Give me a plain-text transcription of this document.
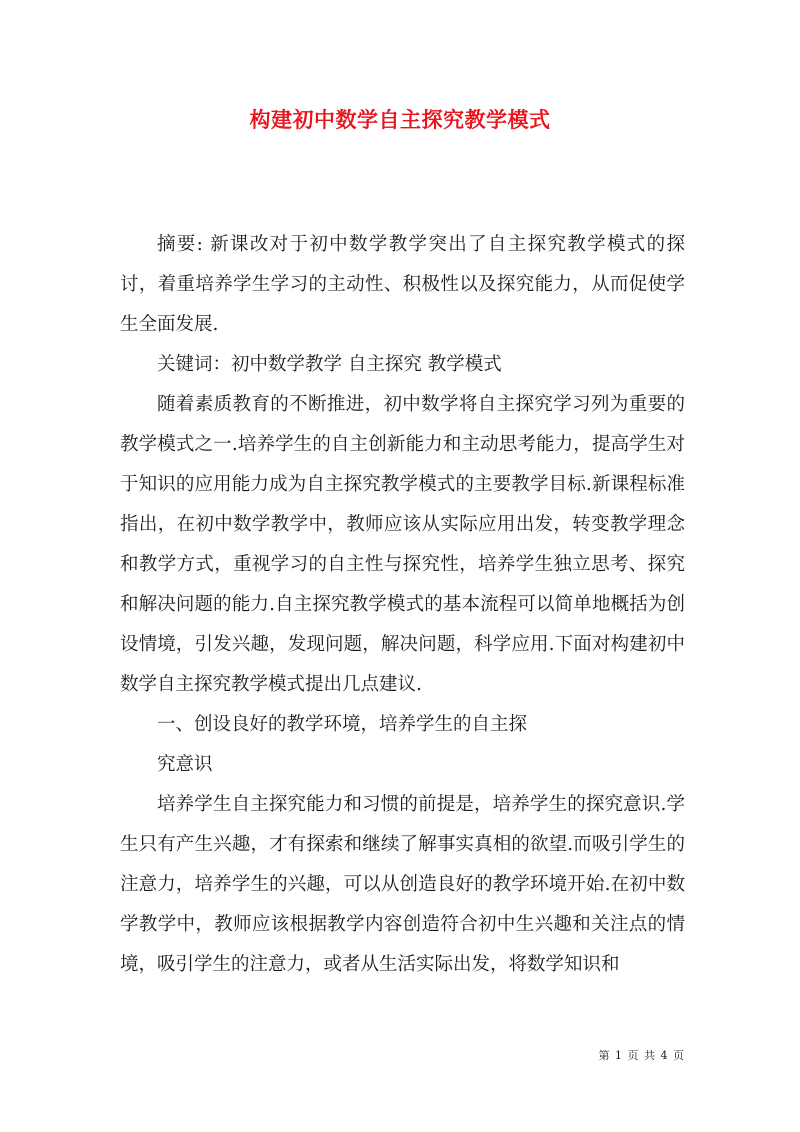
构建初中数学自主探究教学模式

摘要: 新课改对于初中数学教学突出了自主探究教学模式的探讨，着重培养学生学习的主动性、积极性以及探究能力，从而促使学生全面发展.

关键词：初中数学教学 自主探究 教学模式

随着素质教育的不断推进，初中数学将自主探究学习列为重要的教学模式之一.培养学生的自主创新能力和主动思考能力，提高学生对于知识的应用能力成为自主探究教学模式的主要教学目标.新课程标准指出，在初中数学教学中，教师应该从实际应用出发，转变教学理念和教学方式，重视学习的自主性与探究性，培养学生独立思考、探究和解决问题的能力.自主探究教学模式的基本流程可以简单地概括为创设情境，引发兴趣，发现问题，解决问题，科学应用.下面对构建初中数学自主探究教学模式提出几点建议.

一、创设良好的教学环境，培养学生的自主探

究意识

培养学生自主探究能力和习惯的前提是，培养学生的探究意识.学生只有产生兴趣，才有探索和继续了解事实真相的欲望.而吸引学生的注意力，培养学生的兴趣，可以从创造良好的教学环境开始.在初中数学教学中，教师应该根据教学内容创造符合初中生兴趣和关注点的情境，吸引学生的注意力，或者从生活实际出发，将数学知识和

第 1 页 共 4 页
